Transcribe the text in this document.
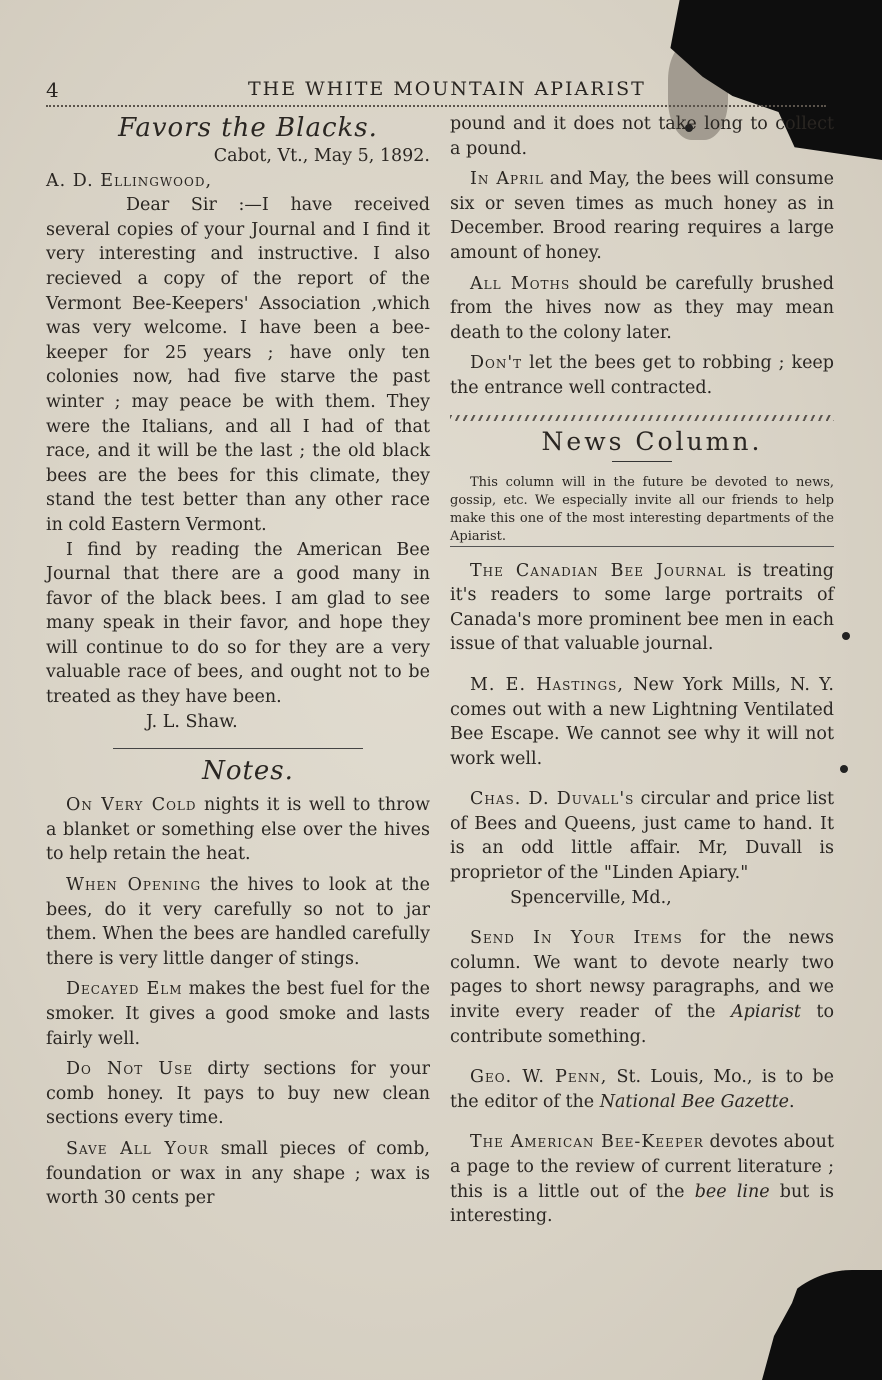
4	THE WHITE MOUNTAIN APIARIST

Favors the Blacks.

Cabot, Vt., May 5, 1892.

A. D. Ellingwood,

Dear Sir :—I have received several copies of your Journal and I find it very interesting and instructive. I also recieved a copy of the report of the Vermont Bee-Keepers' Association ,which was very welcome. I have been a bee-keeper for 25 years ; have only ten colonies now, had five starve the past winter ; may peace be with them. They were the Italians, and all I had of that race, and it will be the last ; the old black bees are the bees for this climate, they stand the test better than any other race in cold Eastern Vermont.

I find by reading the American Bee Journal that there are a good many in favor of the black bees. I am glad to see many speak in their favor, and hope they will continue to do so for they are a very valuable race of bees, and ought not to be treated as they have been.

J. L. Shaw.

Notes.

On Very Cold nights it is well to throw a blanket or something else over the hives to help retain the heat.

When Opening the hives to look at the bees, do it very carefully so not to jar them. When the bees are handled carefully there is very little danger of stings.

Decayed Elm makes the best fuel for the smoker. It gives a good smoke and lasts fairly well.

Do Not Use dirty sections for your comb honey. It pays to buy new clean sections every time.

Save All Your small pieces of comb, foundation or wax in any shape ; wax is worth 30 cents per

pound and it does not take long to collect a pound.

In April and May, the bees will consume six or seven times as much honey as in December. Brood rearing requires a large amount of honey.

All Moths should be carefully brushed from the hives now as they may mean death to the colony later.

Don't let the bees get to robbing ; keep the entrance well contracted.

News Column.

This column will in the future be devoted to news, gossip, etc. We especially invite all our friends to help make this one of the most interesting departments of the Apiarist.

The Canadian Bee Journal is treating it's readers to some large portraits of Canada's more prominent bee men in each issue of that valuable journal.

M. E. Hastings, New York Mills, N. Y. comes out with a new Lightning Ventilated Bee Escape. We cannot see why it will not work well.

Chas. D. Duvall's circular and price list of Bees and Queens, just came to hand. It is an odd little affair. Mr, Duvall is proprietor of the "Linden Apiary."

Spencerville, Md.,

Send In Your Items for the news column. We want to devote nearly two pages to short newsy paragraphs, and we invite every reader of the Apiarist to contribute something.

Geo. W. Penn, St. Louis, Mo., is to be the editor of the National Bee Gazette.

The American Bee-Keeper devotes about a page to the review of current literature ; this is a little out of the bee line but is interesting.
